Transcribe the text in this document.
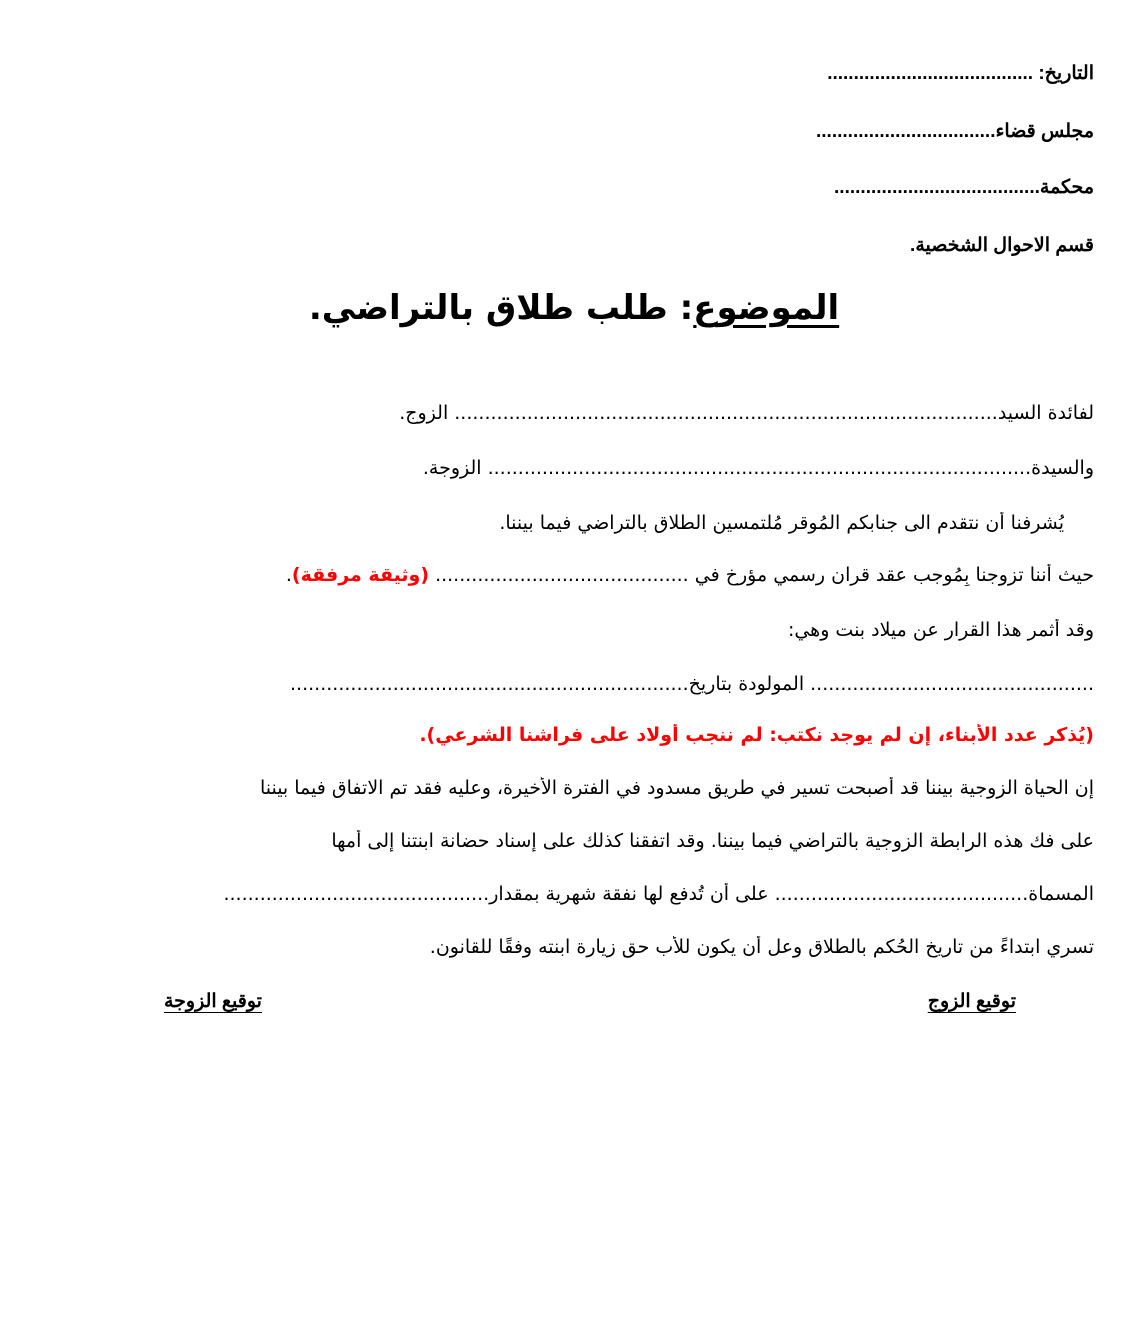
التاريخ: .......................................
مجلس قضاء..................................
محكمة.......................................
قسم الاحوال الشخصية.
الموضوع: طلب طلاق بالتراضي.
لفائدة السيد.......................................................................................... الزوج.
والسيدة.......................................................................................... الزوجة.
يُشرفنا أن نتقدم الى جنابكم المُوقر مُلتمسين الطلاق بالتراضي فيما بيننا.
حيث أننا تزوجنا بِمُوجب عقد قران رسمي مؤرخ في .......................................... (وثيقة مرفقة).
وقد أثمر هذا القرار عن ميلاد بنت وهي:
............................................... المولودة بتاريخ..................................................................
(يُذكر عدد الأبناء، إن لم يوجد نكتب: لم ننجب أولاد على فراشنا الشرعي).
إن الحياة الزوجية بيننا قد أصبحت تسير في طريق مسدود في الفترة الأخيرة، وعليه فقد تم الاتفاق فيما بيننا
على فك هذه الرابطة الزوجية بالتراضي فيما بيننا. وقد اتفقنا كذلك على إسناد حضانة ابنتنا إلى أمها
المسماة.......................................... على أن تُدفع لها نفقة شهرية بمقدار............................................
تسري ابتداءً من تاريخ الحُكم بالطلاق وعل أن يكون للأب حق زيارة ابنته وفقًا للقانون.
توقيع الزوج
توقيع الزوجة
